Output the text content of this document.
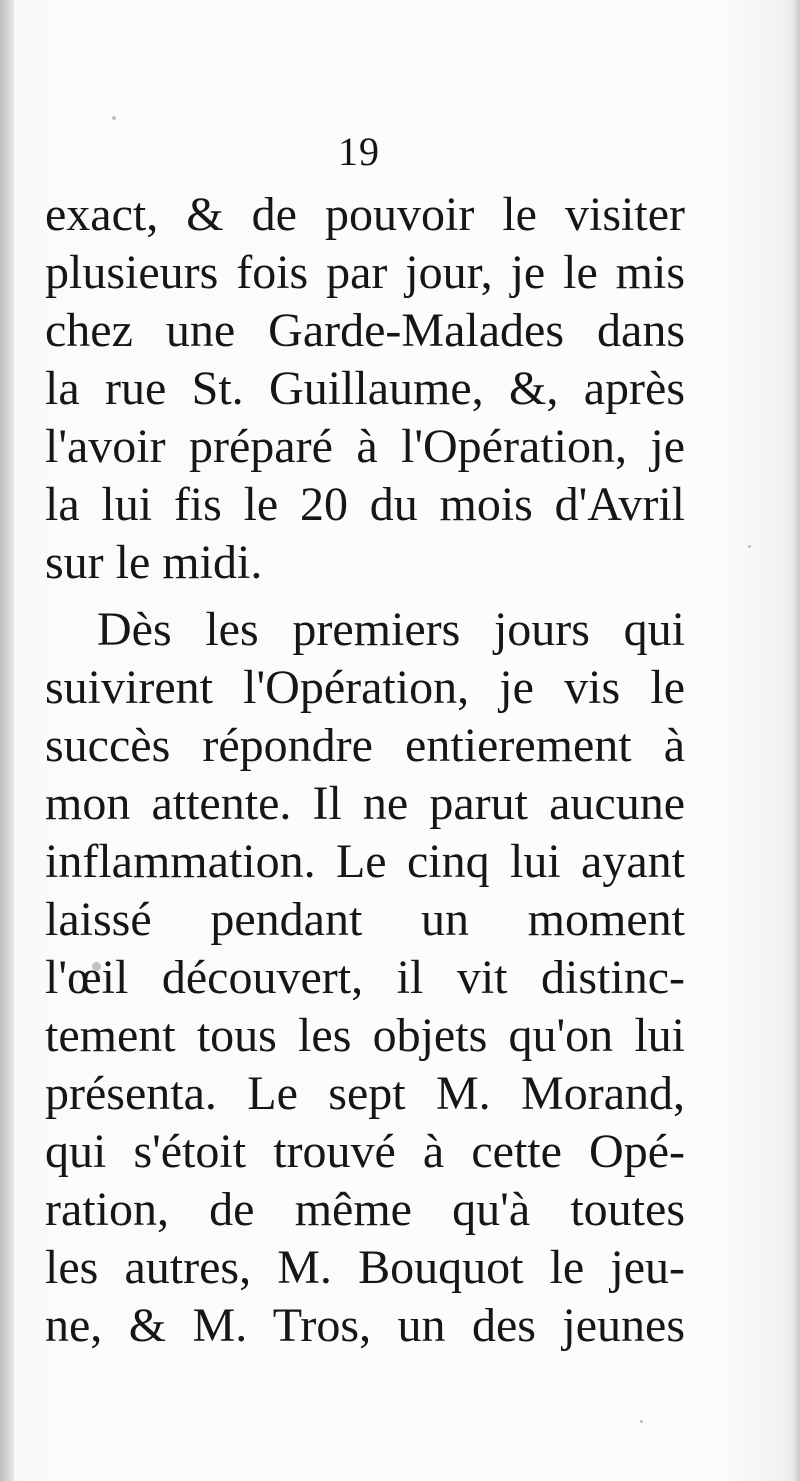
19

exact, & de pouvoir le visiter

plusieurs fois par jour, je le mis

chez une Garde-Malades dans

la rue St. Guillaume, &, après

l'avoir préparé à l'Opération, je

la lui fis le 20 du mois d'Avril

sur le midi.

Dès les premiers jours qui

suivirent l'Opération, je vis le

succès répondre entierement à

mon attente. Il ne parut aucune

inflammation. Le cinq lui ayant

laissé pendant un moment

l'œil découvert, il vit distinc-

tement tous les objets qu'on lui

présenta. Le sept M. Morand,

qui s'étoit trouvé à cette Opé-

ration, de même qu'à toutes

les autres, M. Bouquot le jeu-

ne, & M. Tros, un des jeunes
